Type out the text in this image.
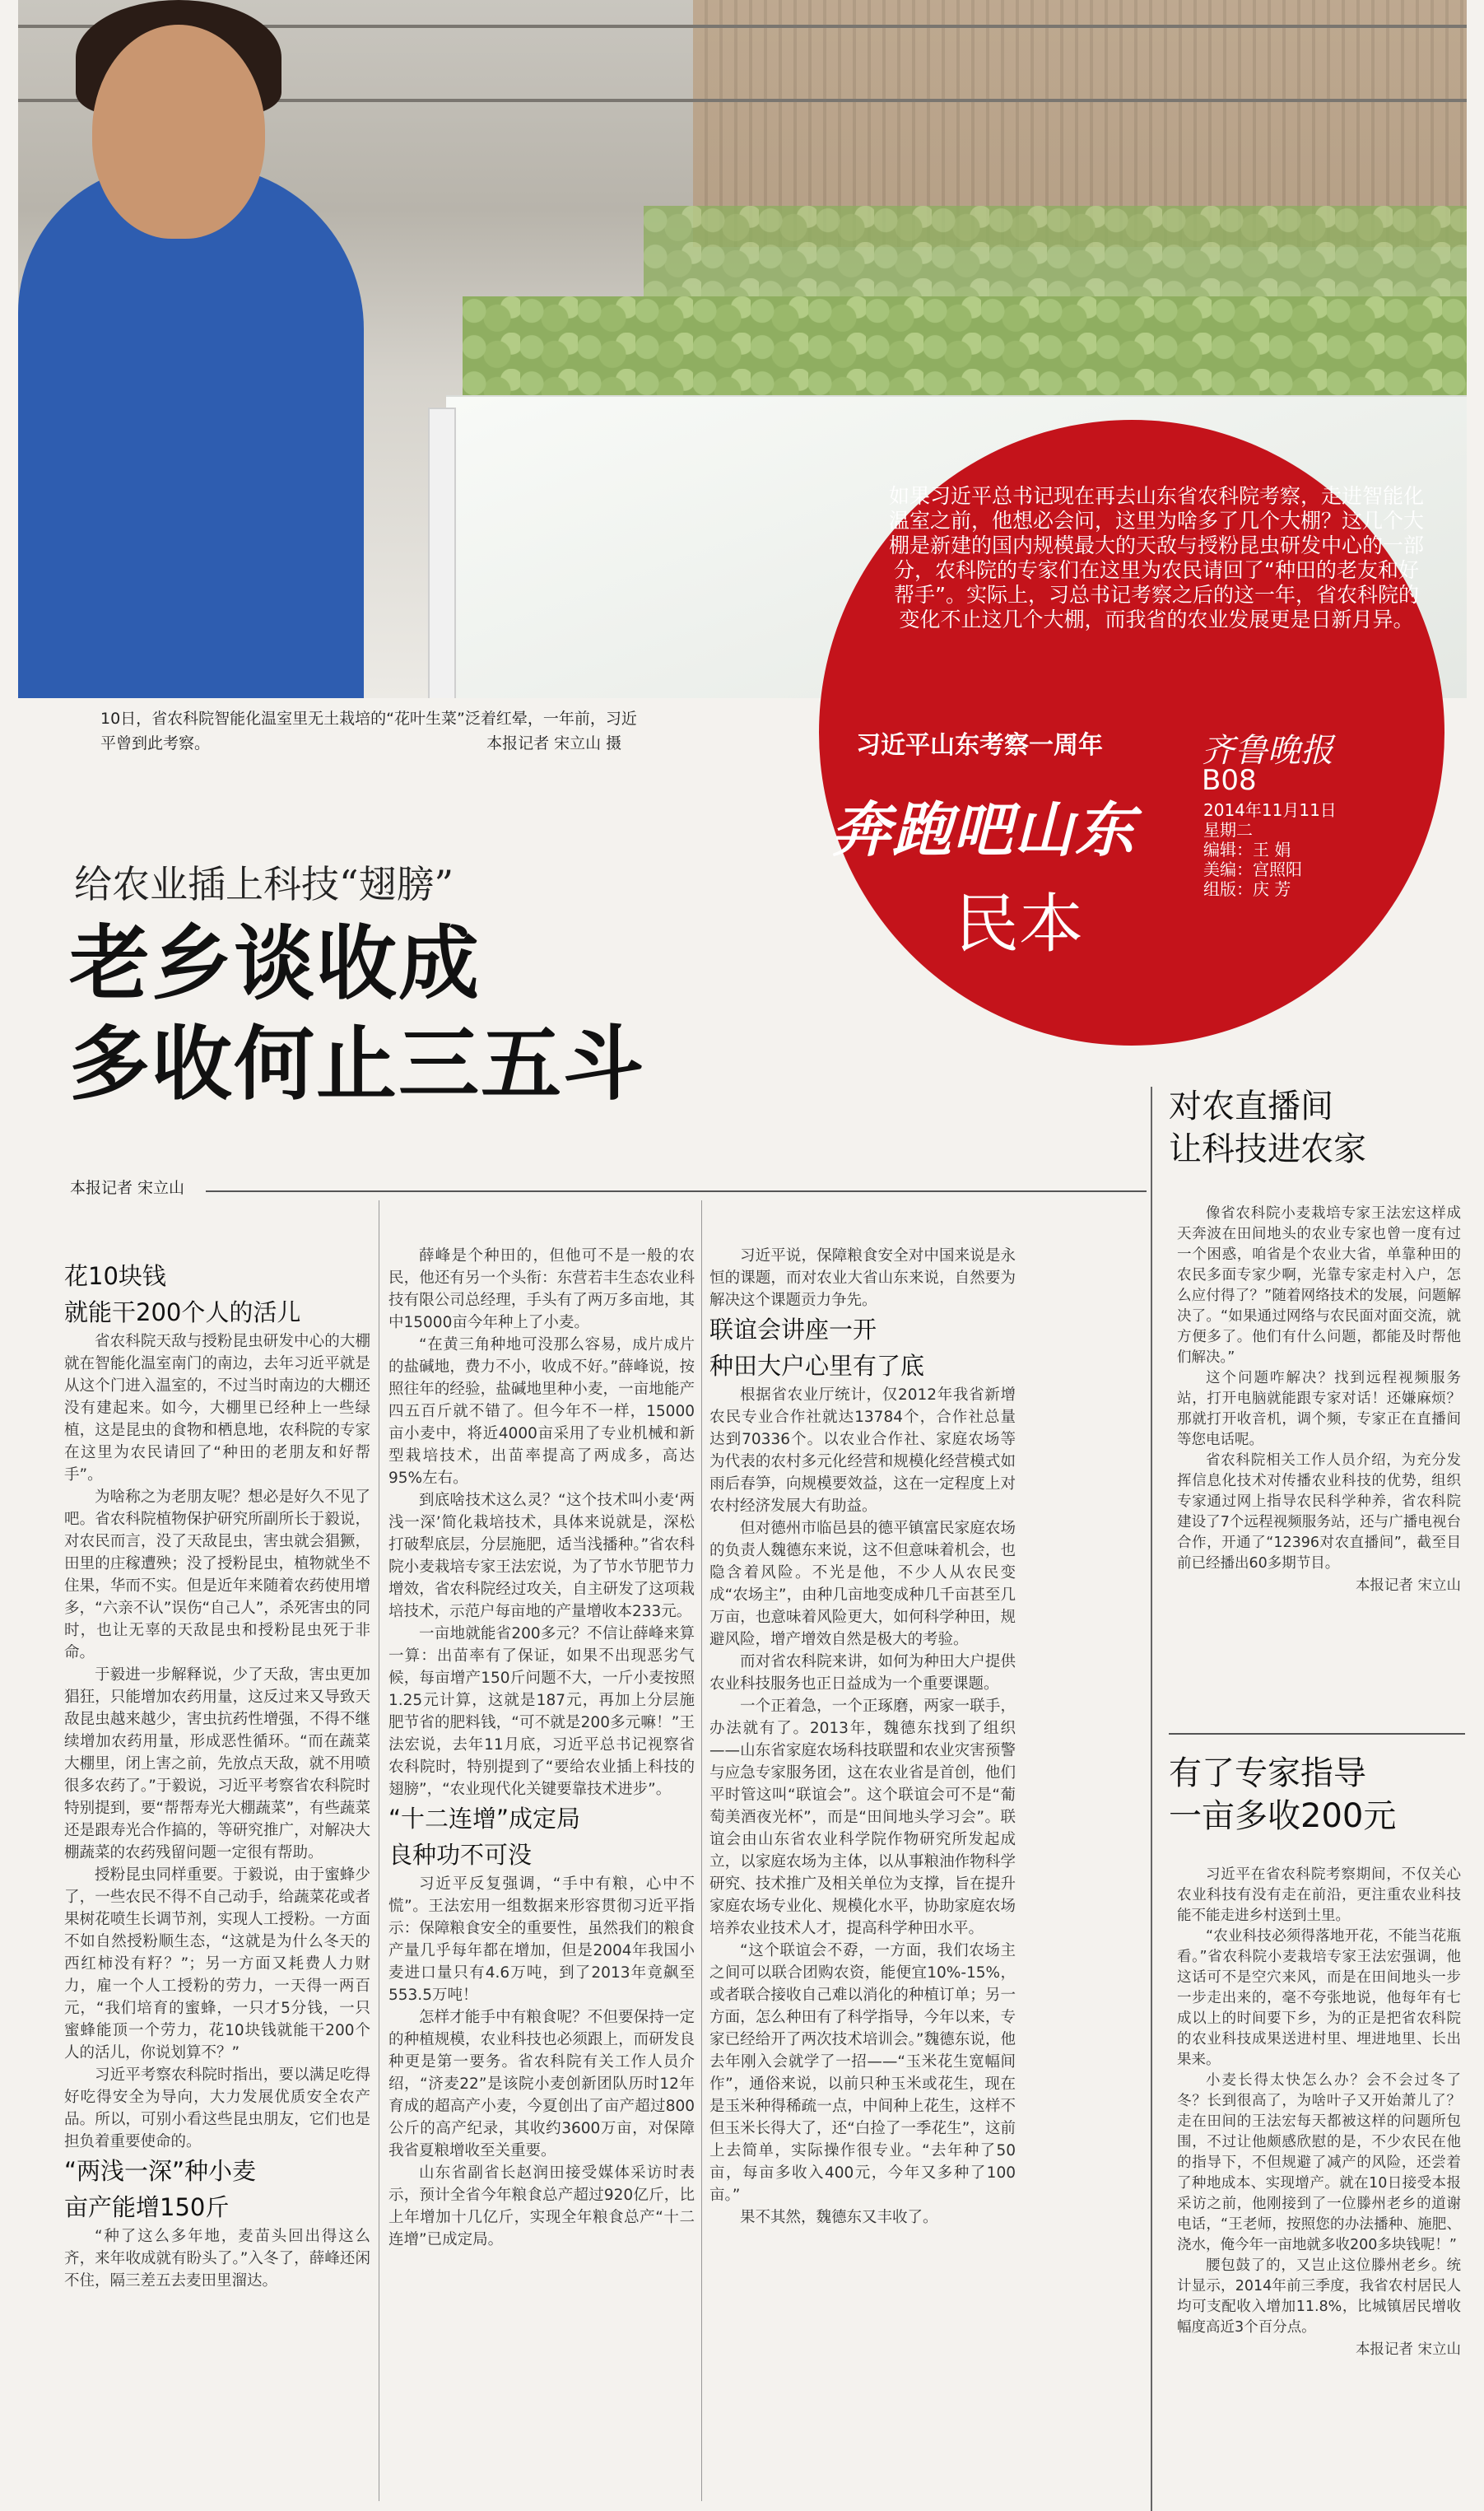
如果习近平总书记现在再去山东省农科院考察，走进智能化温室之前，他想必会问，这里为啥多了几个大棚？这几个大棚是新建的国内规模最大的天敌与授粉昆虫研发中心的一部分，农科院的专家们在这里为农民请回了“种田的老友和好帮手”。实际上，习总书记考察之后的这一年，省农科院的变化不止这几个大棚，而我省的农业发展更是日新月异。
习近平山东考察一周年
奔跑吧山东
民本
齐鲁晚报
B08
2014年11月11日
星期二
编辑：王 娟
美编：宫照阳
组版：庆 芳
10日，省农科院智能化温室里无土栽培的“花叶生菜”泛着红晕，一年前，习近
平曾到此考察。	本报记者 宋立山 摄
给农业插上科技“翅膀”
老乡谈收成
多收何止三五斗
本报记者 宋立山

花10块钱

就能干200个人的活儿

省农科院天敌与授粉昆虫研发中心的大棚就在智能化温室南门的南边，去年习近平就是从这个门进入温室的，不过当时南边的大棚还没有建起来。如今，大棚里已经种上一些绿植，这是昆虫的食物和栖息地，农科院的专家在这里为农民请回了“种田的老朋友和好帮手”。

为啥称之为老朋友呢？想必是好久不见了吧。省农科院植物保护研究所副所长于毅说，对农民而言，没了天敌昆虫，害虫就会猖獗，田里的庄稼遭殃；没了授粉昆虫，植物就坐不住果，华而不实。但是近年来随着农药使用增多，“六亲不认”误伤“自己人”，杀死害虫的同时，也让无辜的天敌昆虫和授粉昆虫死于非命。

于毅进一步解释说，少了天敌，害虫更加猖狂，只能增加农药用量，这反过来又导致天敌昆虫越来越少，害虫抗药性增强，不得不继续增加农药用量，形成恶性循环。“而在蔬菜大棚里，闭上害之前，先放点天敌，就不用喷很多农药了。”于毅说，习近平考察省农科院时特别提到，要“帮帮寿光大棚蔬菜”，有些蔬菜还是跟寿光合作搞的，等研究推广，对解决大棚蔬菜的农药残留问题一定很有帮助。

授粉昆虫同样重要。于毅说，由于蜜蜂少了，一些农民不得不自己动手，给蔬菜花或者果树花喷生长调节剂，实现人工授粉。一方面不如自然授粉顺生态，“这就是为什么冬天的西红柿没有籽？”；另一方面又耗费人力财力，雇一个人工授粉的劳力，一天得一两百元，“我们培育的蜜蜂，一只才5分钱，一只蜜蜂能顶一个劳力，花10块钱就能干200个人的活儿，你说划算不？”

习近平考察农科院时指出，要以满足吃得好吃得安全为导向，大力发展优质安全农产品。所以，可别小看这些昆虫朋友，它们也是担负着重要使命的。

“两浅一深”种小麦

亩产能增150斤

“种了这么多年地，麦苗头回出得这么齐，来年收成就有盼头了。”入冬了，薛峰还闲不住，隔三差五去麦田里溜达。

薛峰是个种田的，但他可不是一般的农民，他还有另一个头衔：东营若丰生态农业科技有限公司总经理，手头有了两万多亩地，其中15000亩今年种上了小麦。

“在黄三角种地可没那么容易，成片成片的盐碱地，费力不小，收成不好。”薛峰说，按照往年的经验，盐碱地里种小麦，一亩地能产四五百斤就不错了。但今年不一样，15000亩小麦中，将近4000亩采用了专业机械和新型栽培技术，出苗率提高了两成多，高达95%左右。

到底啥技术这么灵？“这个技术叫小麦‘两浅一深’简化栽培技术，具体来说就是，深松打破犁底层，分层施肥，适当浅播种。”省农科院小麦栽培专家王法宏说，为了节水节肥节力增效，省农科院经过攻关，自主研发了这项栽培技术，示范户每亩地的产量增收本233元。

一亩地就能省200多元？不信让薛峰来算一算：出苗率有了保证，如果不出现恶劣气候，每亩增产150斤问题不大，一斤小麦按照1.25元计算，这就是187元，再加上分层施肥节省的肥料钱，“可不就是200多元嘛！”王法宏说，去年11月底，习近平总书记视察省农科院时，特别提到了“要给农业插上科技的翅膀”，“农业现代化关键要靠技术进步”。

“十二连增”成定局

良种功不可没

习近平反复强调，“手中有粮，心中不慌”。王法宏用一组数据来形容贯彻习近平指示：保障粮食安全的重要性，虽然我们的粮食产量几乎每年都在增加，但是2004年我国小麦进口量只有4.6万吨，到了2013年竟飙至553.5万吨！

怎样才能手中有粮食呢？不但要保持一定的种植规模，农业科技也必须跟上，而研发良种更是第一要务。省农科院有关工作人员介绍，“济麦22”是该院小麦创新团队历时12年育成的超高产小麦，今夏创出了亩产超过800公斤的高产纪录，其收约3600万亩，对保障我省夏粮增收至关重要。

山东省副省长赵润田接受媒体采访时表示，预计全省今年粮食总产超过920亿斤，比上年增加十几亿斤，实现全年粮食总产“十二连增”已成定局。

习近平说，保障粮食安全对中国来说是永恒的课题，而对农业大省山东来说，自然要为解决这个课题贡力争先。

联谊会讲座一开

种田大户心里有了底

根据省农业厅统计，仅2012年我省新增农民专业合作社就达13784个，合作社总量达到70336个。以农业合作社、家庭农场等为代表的农村多元化经营和规模化经营模式如雨后春笋，向规模要效益，这在一定程度上对农村经济发展大有助益。

但对德州市临邑县的德平镇富民家庭农场的负责人魏德东来说，这不但意味着机会，也隐含着风险。不光是他，不少人从农民变成“农场主”，由种几亩地变成种几千亩甚至几万亩，也意味着风险更大，如何科学种田，规避风险，增产增效自然是极大的考验。

而对省农科院来讲，如何为种田大户提供农业科技服务也正日益成为一个重要课题。

一个正着急，一个正琢磨，两家一联手，办法就有了。2013年，魏德东找到了组织——山东省家庭农场科技联盟和农业灾害预警与应急专家服务团，这在农业省是首创，他们平时管这叫“联谊会”。这个联谊会可不是“葡萄美酒夜光杯”，而是“田间地头学习会”。联谊会由山东省农业科学院作物研究所发起成立，以家庭农场为主体，以从事粮油作物科学研究、技术推广及相关单位为支撑，旨在提升家庭农场专业化、规模化水平，协助家庭农场培养农业技术人才，提高科学种田水平。

“这个联谊会不孬，一方面，我们农场主之间可以联合团购农资，能便宜10%-15%，或者联合接收自己难以消化的种植订单；另一方面，怎么种田有了科学指导，今年以来，专家已经给开了两次技术培训会。”魏德东说，他去年刚入会就学了一招——“玉米花生宽幅间作”，通俗来说，以前只种玉米或花生，现在是玉米种得稀疏一点，中间种上花生，这样不但玉米长得大了，还“白捡了一季花生”，这前上去简单，实际操作很专业。“去年种了50亩，每亩多收入400元，今年又多种了100亩。”

果不其然，魏德东又丰收了。

对农直播间
让科技进农家

像省农科院小麦栽培专家王法宏这样成天奔波在田间地头的农业专家也曾一度有过一个困惑，咱省是个农业大省，单靠种田的农民多面专家少啊，光靠专家走村入户，怎么应付得了？”随着网络技术的发展，问题解决了。“如果通过网络与农民面对面交流，就方便多了。他们有什么问题，都能及时帮他们解决。”

这个问题咋解决？找到远程视频服务站，打开电脑就能跟专家对话！还嫌麻烦？那就打开收音机，调个频，专家正在直播间等您电话呢。

省农科院相关工作人员介绍，为充分发挥信息化技术对传播农业科技的优势，组织专家通过网上指导农民科学种养，省农科院建设了7个远程视频服务站，还与广播电视台合作，开通了“12396对农直播间”，截至目前已经播出60多期节目。

本报记者 宋立山

有了专家指导
一亩多收200元

习近平在省农科院考察期间，不仅关心农业科技有没有走在前沿，更注重农业科技能不能走进乡村送到土里。

“农业科技必须得落地开花，不能当花瓶看。”省农科院小麦栽培专家王法宏强调，他这话可不是空穴来风，而是在田间地头一步一步走出来的，毫不夸张地说，他每年有七成以上的时间要下乡，为的正是把省农科院的农业科技成果送进村里、埋进地里、长出果来。

小麦长得太快怎么办？会不会过冬了冬？长到很高了，为啥叶子又开始萧儿了？走在田间的王法宏每天都被这样的问题所包围，不过让他颇感欣慰的是，不少农民在他的指导下，不但规避了减产的风险，还尝着了种地成本、实现增产。就在10日接受本报采访之前，他刚接到了一位滕州老乡的道谢电话，“王老师，按照您的办法播种、施肥、浇水，俺今年一亩地就多收200多块钱呢！”

腰包鼓了的，又岂止这位滕州老乡。统计显示，2014年前三季度，我省农村居民人均可支配收入增加11.8%，比城镇居民增收幅度高近3个百分点。

本报记者 宋立山
